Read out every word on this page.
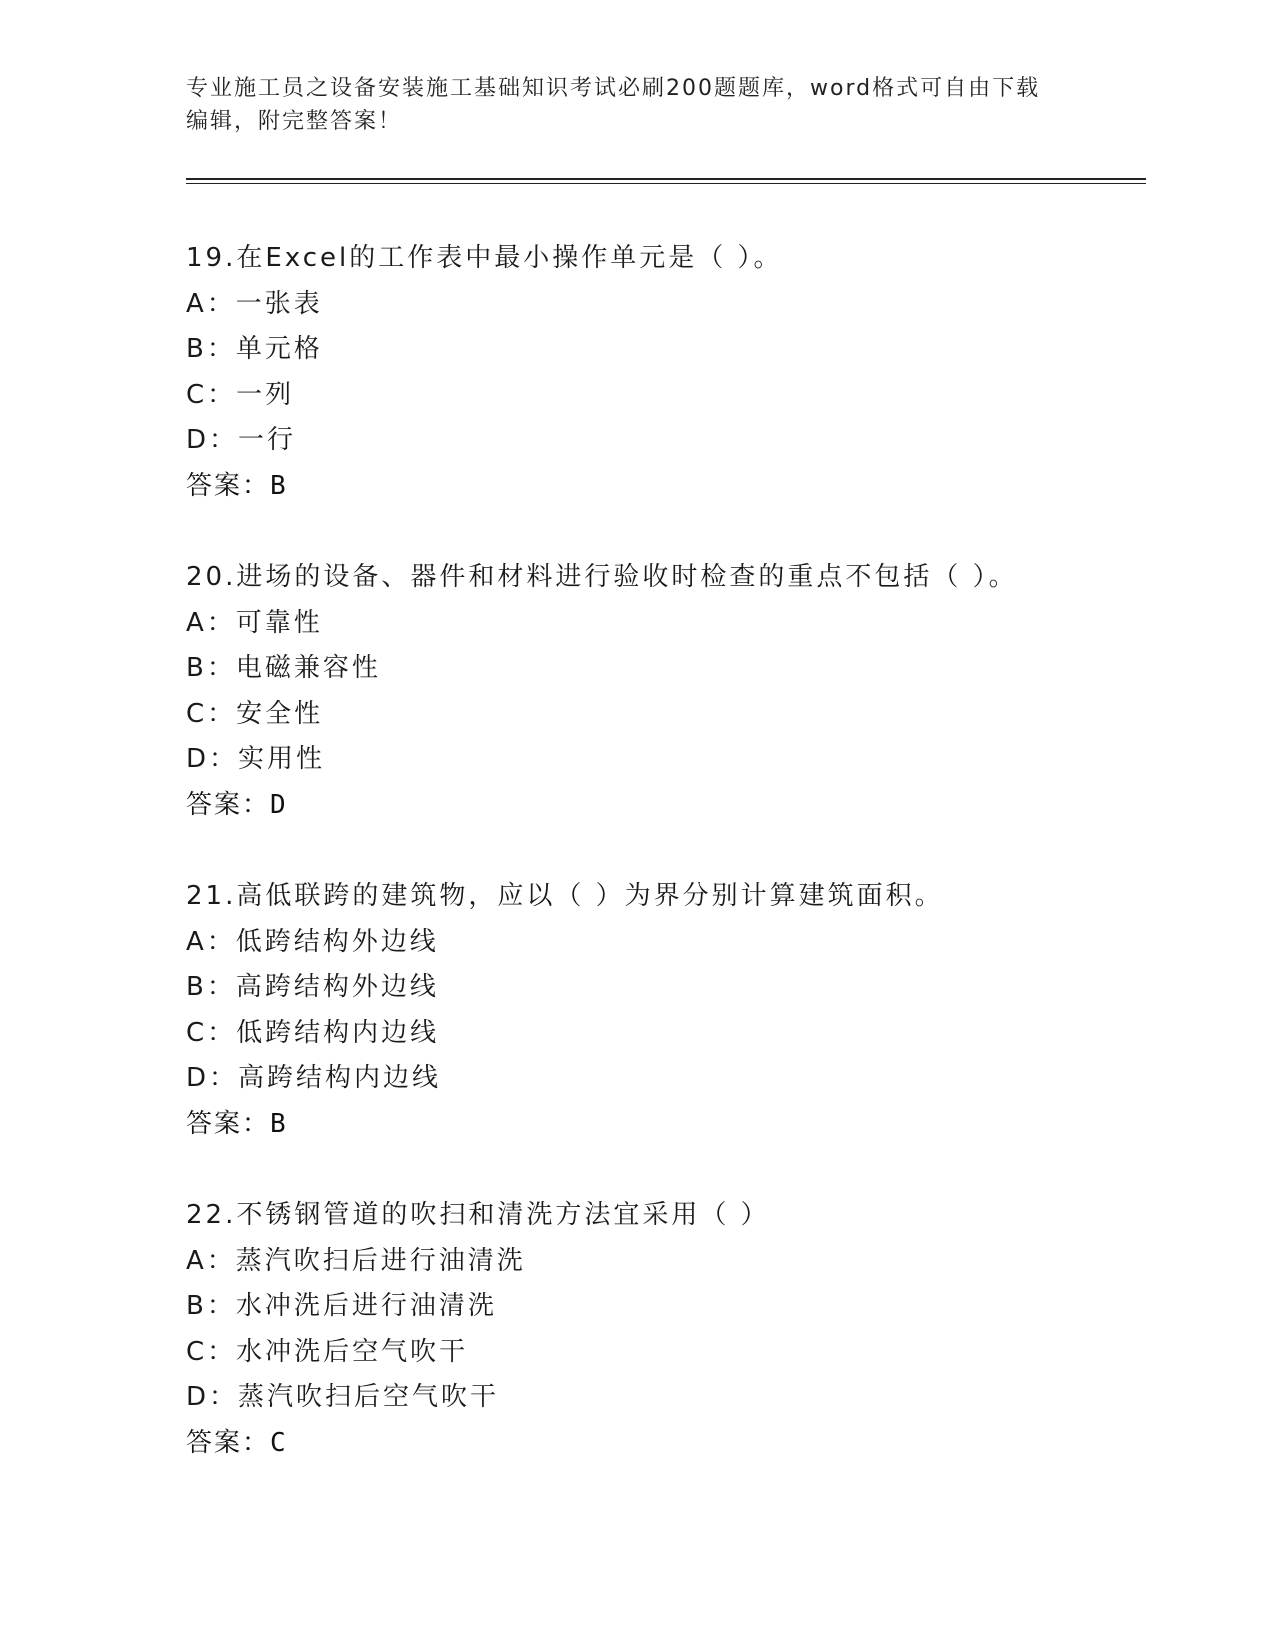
专业施工员之设备安装施工基础知识考试必刷200题题库，word格式可自由下载
编辑，附完整答案！
19.在Excel的工作表中最小操作单元是（ ）。
A：一张表
B：单元格
C：一列
D：一行
答案：B
20.进场的设备、器件和材料进行验收时检查的重点不包括（ ）。
A：可靠性
B：电磁兼容性
C：安全性
D：实用性
答案：D
21.高低联跨的建筑物，应以（ ）为界分别计算建筑面积。
A：低跨结构外边线
B：高跨结构外边线
C：低跨结构内边线
D：高跨结构内边线
答案：B
22.不锈钢管道的吹扫和清洗方法宜采用（ ）
A：蒸汽吹扫后进行油清洗
B：水冲洗后进行油清洗
C：水冲洗后空气吹干
D：蒸汽吹扫后空气吹干
答案：C
